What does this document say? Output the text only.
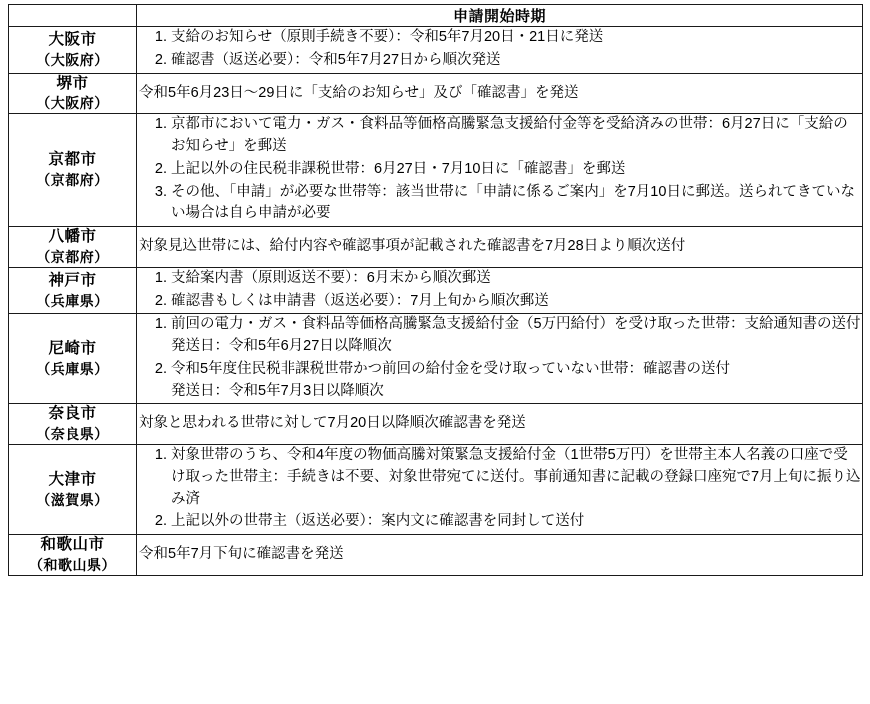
	申請開始時期

大阪市
（大阪府）

支給のお知らせ（原則手続き不要）：令和5年7月20日・21日に発送
確認書（返送必要）：令和5年7月27日から順次発送

堺市
（大阪府）	令和5年6月23日〜29日に「支給のお知らせ」及び「確認書」を発送

京都市
（京都府）

京都市において電力・ガス・食料品等価格高騰緊急支援給付金等を受給済みの世帯：6月27日に「支給のお知らせ」を郵送
上記以外の住民税非課税世帯：6月27日・7月10日に「確認書」を郵送
その他、「申請」が必要な世帯等：該当世帯に「申請に係るご案内」を7月10日に郵送。送られてきていない場合は自ら申請が必要

八幡市
（京都府）	対象見込世帯には、給付内容や確認事項が記載された確認書を7月28日より順次送付

神戸市
（兵庫県）

支給案内書（原則返送不要）：6月末から順次郵送
確認書もしくは申請書（返送必要）：7月上旬から順次郵送

尼崎市
（兵庫県）

前回の電力・ガス・食料品等価格高騰緊急支援給付金（5万円給付）を受け取った世帯：支給通知書の送付
発送日：令和5年6月27日以降順次
令和5年度住民税非課税世帯かつ前回の給付金を受け取っていない世帯：確認書の送付
発送日：令和5年7月3日以降順次

奈良市
（奈良県）	対象と思われる世帯に対して7月20日以降順次確認書を発送

大津市
（滋賀県）

対象世帯のうち、令和4年度の物価高騰対策緊急支援給付金（1世帯5万円）を世帯主本人名義の口座で受け取った世帯主：手続きは不要、対象世帯宛てに送付。事前通知書に記載の登録口座宛で7月上旬に振り込み済
上記以外の世帯主（返送必要）：案内文に確認書を同封して送付

和歌山市
（和歌山県）	令和5年7月下旬に確認書を発送
